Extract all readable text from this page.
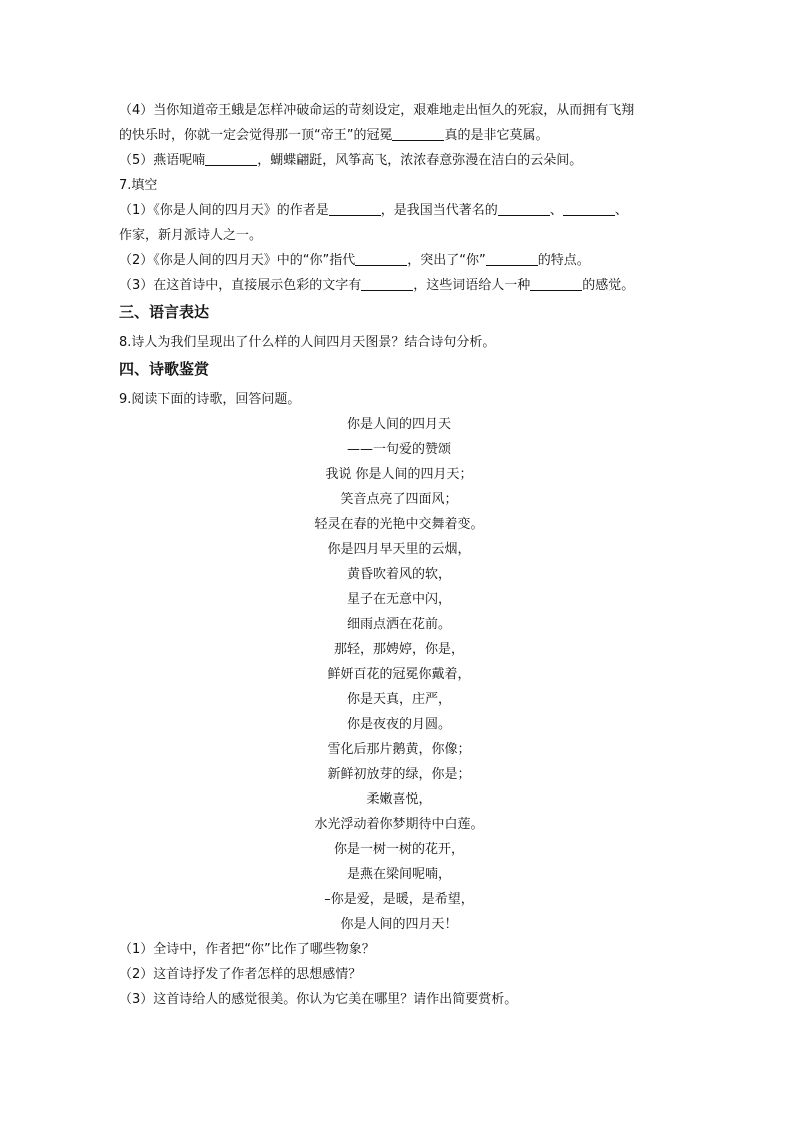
（4）当你知道帝王蛾是怎样冲破命运的苛刻设定，艰难地走出恒久的死寂，从而拥有飞翔
的快乐时，你就一定会觉得那一顶“帝王”的冠冕	真的是非它莫属。
（5）燕语呢喃	，蝴蝶翩跹，风筝高飞，浓浓春意弥漫在洁白的云朵间。
7.填空
（1）《你是人间的四月天》的作者是	，是我国当代著名的	、	、
作家，新月派诗人之一。
（2）《你是人间的四月天》中的“你”指代	，突出了“你”	的特点。
（3）在这首诗中，直接展示色彩的文字有	，这些词语给人一种	的感觉。
三、语言表达
8.诗人为我们呈现出了什么样的人间四月天图景？结合诗句分析。
四、诗歌鉴赏
9.阅读下面的诗歌，回答问题。
你是人间的四月天
——一句爱的赞颂
我说 你是人间的四月天；
笑音点亮了四面风；
轻灵在春的光艳中交舞着变。
你是四月早天里的云烟，
黄昏吹着风的软，
星子在无意中闪，
细雨点洒在花前。
那轻，那娉婷，你是，
鲜妍百花的冠冕你戴着，
你是天真，庄严，
你是夜夜的月圆。
雪化后那片鹅黄，你像；
新鲜初放芽的绿，你是；
柔嫩喜悦，
水光浮动着你梦期待中白莲。
你是一树一树的花开，
是燕在梁间呢喃，
–你是爱，是暖，是希望，
你是人间的四月天！
（1）全诗中，作者把“你”比作了哪些物象？
（2）这首诗抒发了作者怎样的思想感情？
（3）这首诗给人的感觉很美。你认为它美在哪里？请作出简要赏析。
